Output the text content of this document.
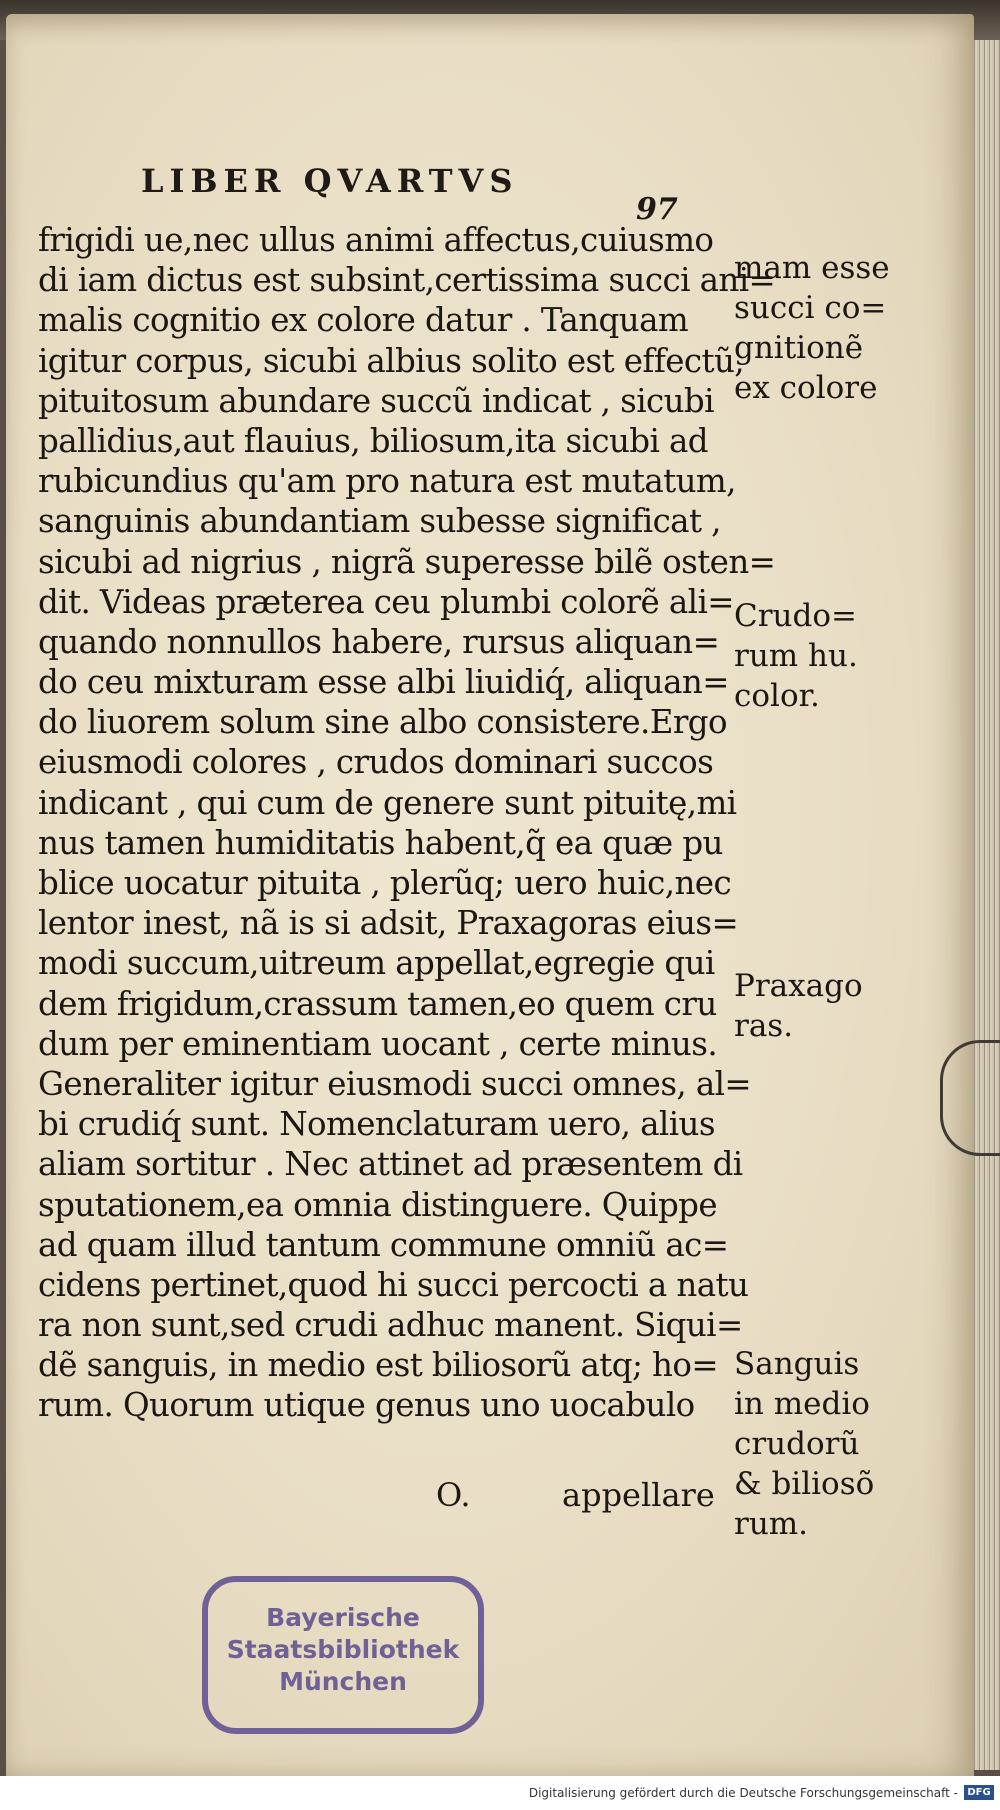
LIBER QVARTVS
97
frigidi ue,nec ullus animi affectus,cuiusmo
di iam dictus est subsint,certissima succi ani=
malis cognitio ex colore datur . Tanquam
igitur corpus, sicubi albius solito est effectũ,
pituitosum abundare succũ indicat , sicubi
pallidius,aut flauius, biliosum,ita sicubi ad
rubicundius qu'am pro natura est mutatum,
sanguinis abundantiam subesse significat ,
sicubi ad nigrius , nigrã superesse bilẽ osten=
dit. Videas præterea ceu plumbi colorẽ ali=
quando nonnullos habere, rursus aliquan=
do ceu mixturam esse albi liuidiq́, aliquan=
do liuorem solum sine albo consistere.Ergo
eiusmodi colores , crudos dominari succos
indicant , qui cum de genere sunt pituitę,mi
nus tamen humiditatis habent,q̃ ea quæ pu
blice uocatur pituita , plerũq; uero huic,nec
lentor inest, nã is si adsit, Praxagoras eius=
modi succum,uitreum appellat,egregie qui
dem frigidum,crassum tamen,eo quem cru
dum per eminentiam uocant , certe minus.
Generaliter igitur eiusmodi succi omnes, al=
bi crudiq́ sunt. Nomenclaturam uero, alius
aliam sortitur . Nec attinet ad præsentem di
sputationem,ea omnia distinguere. Quippe
ad quam illud tantum commune omniũ ac=
cidens pertinet,quod hi succi percocti a natu
ra non sunt,sed crudi adhuc manent. Siqui=
dẽ sanguis, in medio est biliosorũ atq; ho=
rum. Quorum utique genus uno uocabulo
O.	appellare
mam esse
succi co=
gnitionẽ
ex colore
Crudo=
rum hu.
color.
Praxago
ras.
Sanguis
in medio
crudorũ
& biliosõ
rum.
Bayerische
Staatsbibliothek
München
Digitalisierung gefördert durch die Deutsche Forschungsgemeinschaft - DFG
